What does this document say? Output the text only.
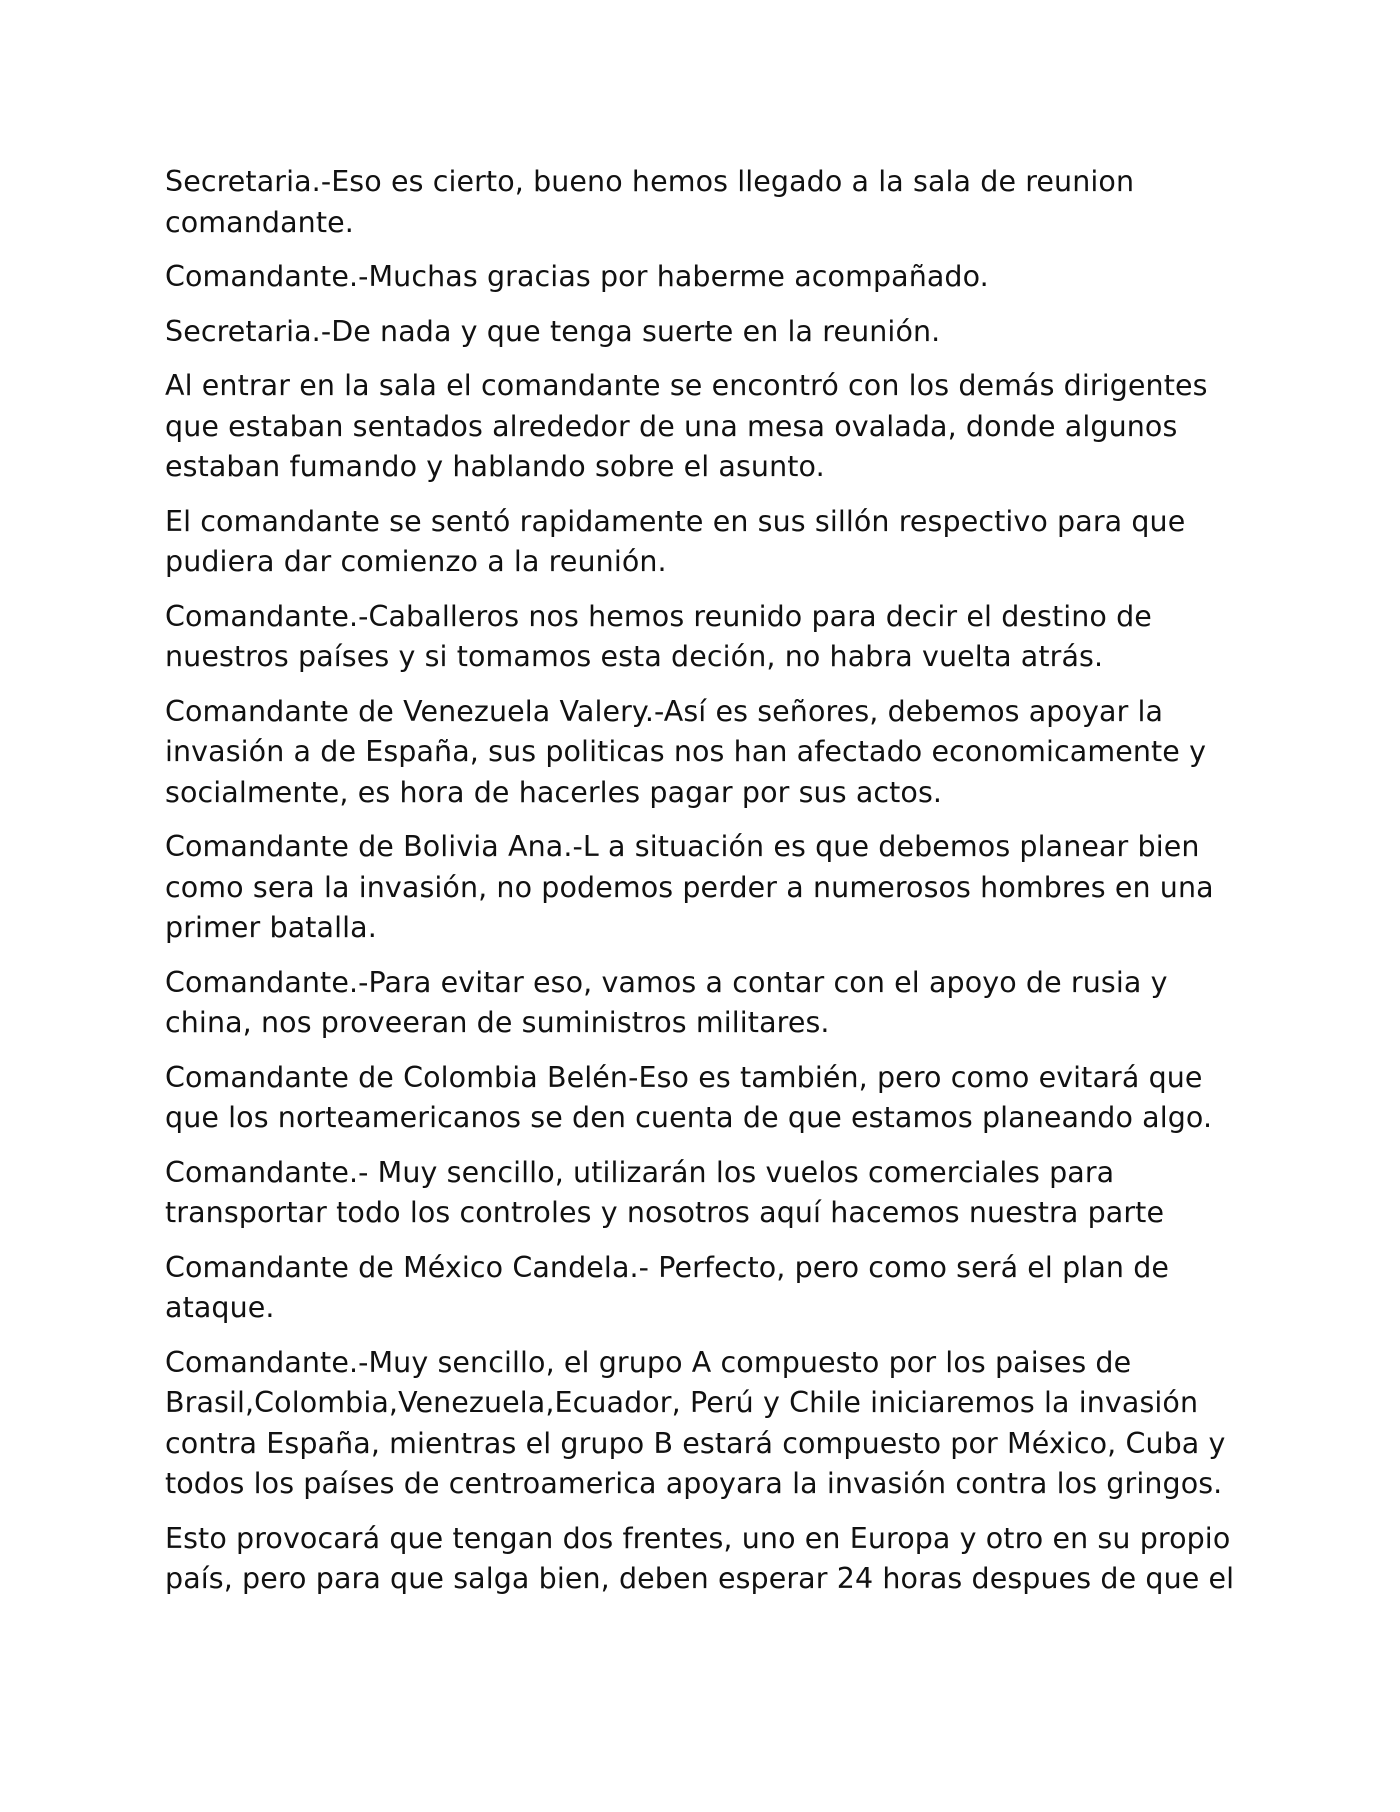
Secretaria.-Eso es cierto, bueno hemos llegado a la sala de reunion
comandante.

Comandante.-Muchas gracias por haberme acompañado.

Secretaria.-De nada y que tenga suerte en la reunión.

Al entrar en la sala el comandante se encontró con los demás dirigentes
que estaban sentados alrededor de una mesa ovalada, donde algunos
estaban fumando y hablando sobre el asunto.

El comandante se sentó rapidamente en sus sillón respectivo para que
pudiera dar comienzo a la reunión.

Comandante.-Caballeros nos hemos reunido para decir el destino de
nuestros países y si tomamos esta deción, no habra vuelta atrás.

Comandante de Venezuela Valery.-Así es señores, debemos apoyar la
invasión a de España, sus politicas nos han afectado economicamente y
socialmente, es hora de hacerles pagar por sus actos.

Comandante de Bolivia Ana.-L a situación es que debemos planear bien
como sera la invasión, no podemos perder a numerosos hombres en una
primer batalla.

Comandante.-Para evitar eso, vamos a contar con el apoyo de rusia y
china, nos proveeran de suministros militares.

Comandante de Colombia Belén-Eso es también, pero como evitará que
que los norteamericanos se den cuenta de que estamos planeando algo.

Comandante.- Muy sencillo, utilizarán los vuelos comerciales para
transportar todo los controles y nosotros aquí hacemos nuestra parte

Comandante de México Candela.- Perfecto, pero como será el plan de
ataque.

Comandante.-Muy sencillo, el grupo A compuesto por los paises de
Brasil,Colombia,Venezuela,Ecuador, Perú y Chile iniciaremos la invasión
contra España, mientras el grupo B estará compuesto por México, Cuba y
todos los países de centroamerica apoyara la invasión contra los gringos.

Esto provocará que tengan dos frentes, uno en Europa y otro en su propio
país, pero para que salga bien, deben esperar 24 horas despues de que el
